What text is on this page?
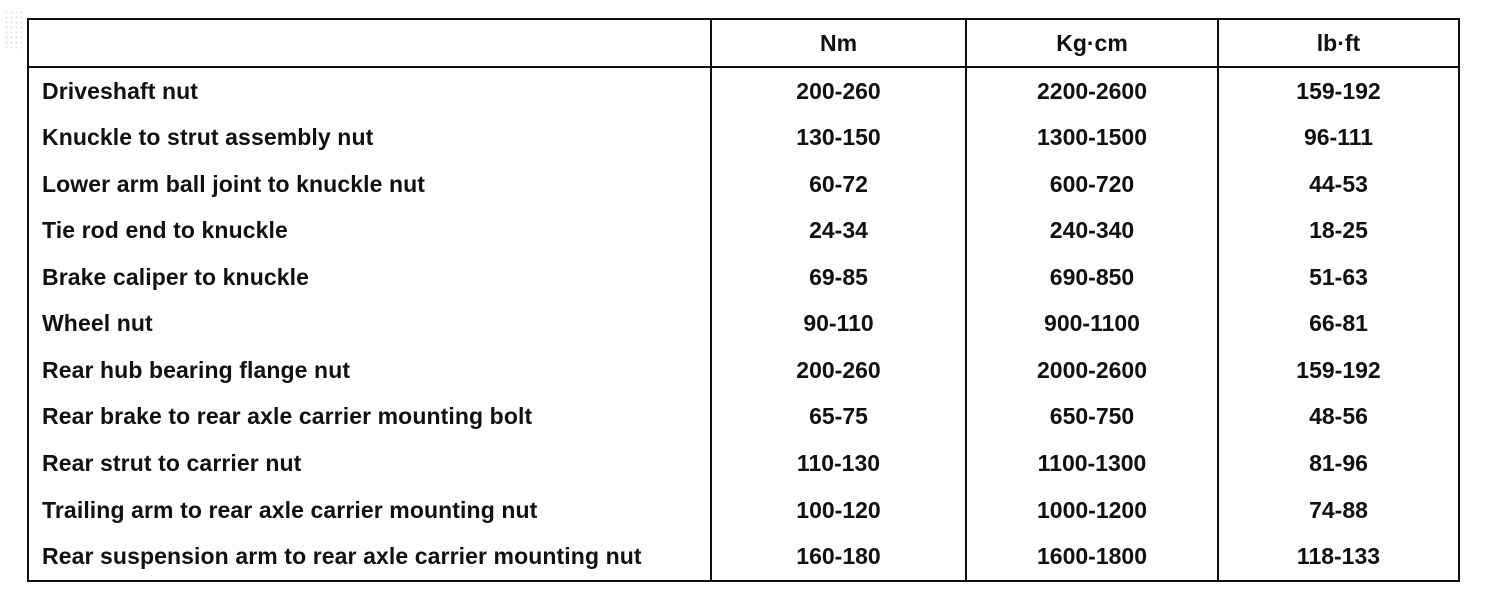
	Nm	Kg·cm	lb·ft
Driveshaft nut	200-260	2200-2600	159-192
Knuckle to strut assembly nut	130-150	1300-1500	96-111
Lower arm ball joint to knuckle nut	60-72	600-720	44-53
Tie rod end to knuckle	24-34	240-340	18-25
Brake caliper to knuckle	69-85	690-850	51-63
Wheel nut	90-110	900-1100	66-81
Rear hub bearing flange nut	200-260	2000-2600	159-192
Rear brake to rear axle carrier mounting bolt	65-75	650-750	48-56
Rear strut to carrier nut	110-130	1100-1300	81-96
Trailing arm to rear axle carrier mounting nut	100-120	1000-1200	74-88
Rear suspension arm to rear axle carrier mounting nut	160-180	1600-1800	118-133
